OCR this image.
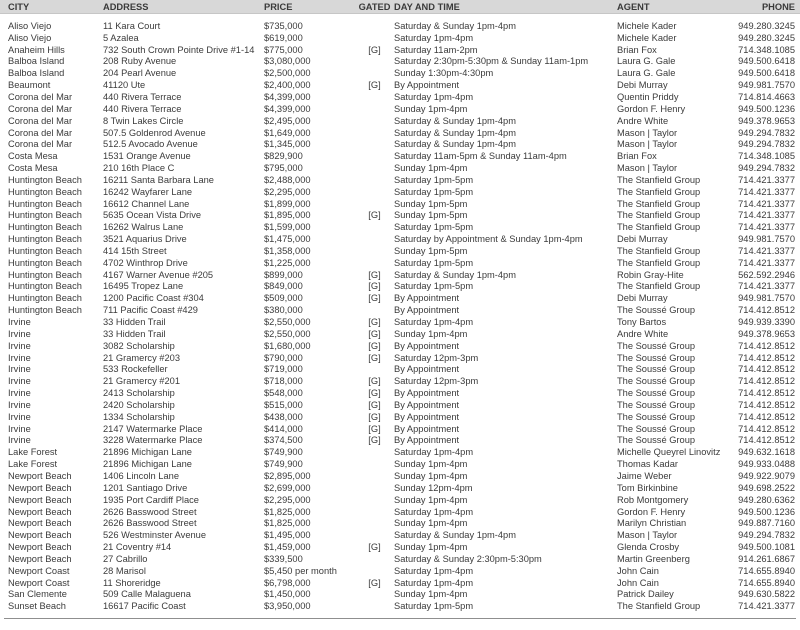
CITY	ADDRESS	PRICE	GATED DAY AND TIME	AGENT	PHONE
Aliso Viejo	11 Kara Court	$735,000	Saturday & Sunday 1pm-4pm	Michele Kader	949.280.3245
Aliso Viejo	5 Azalea	$619,000	Saturday 1pm-4pm	Michele Kader	949.280.3245
Anaheim Hills	732 South Crown Pointe Drive #1-14	$775,000	[G]	Saturday 11am-2pm	Brian Fox	714.348.1085
Balboa Island	208 Ruby Avenue	$3,080,000	Saturday 2:30pm-5:30pm & Sunday 11am-1pm	Laura G. Gale	949.500.6418
Balboa Island	204 Pearl Avenue	$2,500,000	Sunday 1:30pm-4:30pm	Laura G. Gale	949.500.6418
Beaumont	41120 Ute	$2,400,000	[G]	By Appointment	Debi Murray	949.981.7570
Corona del Mar	440 Rivera Terrace	$4,399,000	Saturday 1pm-4pm	Quentin Priddy	714.814.4663
Corona del Mar	440 Rivera Terrace	$4,399,000	Sunday 1pm-4pm	Gordon F. Henry	949.500.1236
Corona del Mar	8 Twin Lakes Circle	$2,495,000	Saturday & Sunday 1pm-4pm	Andre White	949.378.9653
Corona del Mar	507.5 Goldenrod Avenue	$1,649,000	Saturday & Sunday 1pm-4pm	Mason | Taylor	949.294.7832
Corona del Mar	512.5 Avocado Avenue	$1,345,000	Saturday & Sunday 1pm-4pm	Mason | Taylor	949.294.7832
Costa Mesa	1531 Orange Avenue	$829,900	Saturday 11am-5pm & Sunday 11am-4pm	Brian Fox	714.348.1085
Costa Mesa	210 16th Place C	$795,000	Sunday 1pm-4pm	Mason | Taylor	949.294.7832
Huntington Beach	16211 Santa Barbara Lane	$2,488,000	Saturday 1pm-5pm	The Stanfield Group	714.421.3377
Huntington Beach	16242 Wayfarer Lane	$2,295,000	Saturday 1pm-5pm	The Stanfield Group	714.421.3377
Huntington Beach	16612 Channel Lane	$1,899,000	Sunday 1pm-5pm	The Stanfield Group	714.421.3377
Huntington Beach	5635 Ocean Vista Drive	$1,895,000	[G]	Sunday 1pm-5pm	The Stanfield Group	714.421.3377
Huntington Beach	16262 Walrus Lane	$1,599,000	Saturday 1pm-5pm	The Stanfield Group	714.421.3377
Huntington Beach	3521 Aquarius Drive	$1,475,000	Saturday by Appointment & Sunday 1pm-4pm	Debi Murray	949.981.7570
Huntington Beach	414 15th Street	$1,358,000	Sunday 1pm-5pm	The Stanfield Group	714.421.3377
Huntington Beach	4702 Winthrop Drive	$1,225,000	Saturday 1pm-5pm	The Stanfield Group	714.421.3377
Huntington Beach	4167 Warner Avenue #205	$899,000	[G]	Saturday & Sunday 1pm-4pm	Robin Gray-Hite	562.592.2946
Huntington Beach	16495 Tropez Lane	$849,000	[G]	Saturday 1pm-5pm	The Stanfield Group	714.421.3377
Huntington Beach	1200 Pacific Coast #304	$509,000	[G]	By Appointment	Debi Murray	949.981.7570
Huntington Beach	711 Pacific Coast #429	$380,000	By Appointment	The Soussé Group	714.412.8512
Irvine	33 Hidden Trail	$2,550,000	[G]	Saturday 1pm-4pm	Tony Bartos	949.939.3390
Irvine	33 Hidden Trail	$2,550,000	[G]	Sunday 1pm-4pm	Andre White	949.378.9653
Irvine	3082 Scholarship	$1,680,000	[G]	By Appointment	The Soussé Group	714.412.8512
Irvine	21 Gramercy #203	$790,000	[G]	Saturday 12pm-3pm	The Soussé Group	714.412.8512
Irvine	533 Rockefeller	$719,000	By Appointment	The Soussé Group	714.412.8512
Irvine	21 Gramercy #201	$718,000	[G]	Saturday 12pm-3pm	The Soussé Group	714.412.8512
Irvine	2413 Scholarship	$548,000	[G]	By Appointment	The Soussé Group	714.412.8512
Irvine	2420 Scholarship	$515,000	[G]	By Appointment	The Soussé Group	714.412.8512
Irvine	1334 Scholarship	$438,000	[G]	By Appointment	The Soussé Group	714.412.8512
Irvine	2147 Watermarke Place	$414,000	[G]	By Appointment	The Soussé Group	714.412.8512
Irvine	3228 Watermarke Place	$374,500	[G]	By Appointment	The Soussé Group	714.412.8512
Lake Forest	21896 Michigan Lane	$749,900	Saturday 1pm-4pm	Michelle Queyrel Linovitz	949.632.1618
Lake Forest	21896 Michigan Lane	$749,900	Sunday 1pm-4pm	Thomas Kadar	949.933.0488
Newport Beach	1406 Lincoln Lane	$2,895,000	Sunday 1pm-4pm	Jaime Weber	949.922.9079
Newport Beach	1201 Santiago Drive	$2,699,000	Sunday 12pm-4pm	Tom Birkinbine	949.698.2522
Newport Beach	1935 Port Cardiff Place	$2,295,000	Sunday 1pm-4pm	Rob Montgomery	949.280.6362
Newport Beach	2626 Basswood Street	$1,825,000	Saturday 1pm-4pm	Gordon F. Henry	949.500.1236
Newport Beach	2626 Basswood Street	$1,825,000	Sunday 1pm-4pm	Marilyn Christian	949.887.7160
Newport Beach	526 Westminster Avenue	$1,495,000	Saturday & Sunday 1pm-4pm	Mason | Taylor	949.294.7832
Newport Beach	21 Coventry #14	$1,459,000	[G]	Sunday 1pm-4pm	Glenda Crosby	949.500.1081
Newport Beach	27 Cabrillo	$339,500	Saturday & Sunday 2:30pm-5:30pm	Martin Greenberg	914.261.6867
Newport Coast	28 Marisol	$5,450 per month	Saturday 1pm-4pm	John Cain	714.655.8940
Newport Coast	11 Shoreridge	$6,798,000	[G]	Saturday 1pm-4pm	John Cain	714.655.8940
San Clemente	509 Calle Malaguena	$1,450,000	Sunday 1pm-4pm	Patrick Dailey	949.630.5822
Sunset Beach	16617 Pacific Coast	$3,950,000	Saturday 1pm-5pm	The Stanfield Group	714.421.3377
